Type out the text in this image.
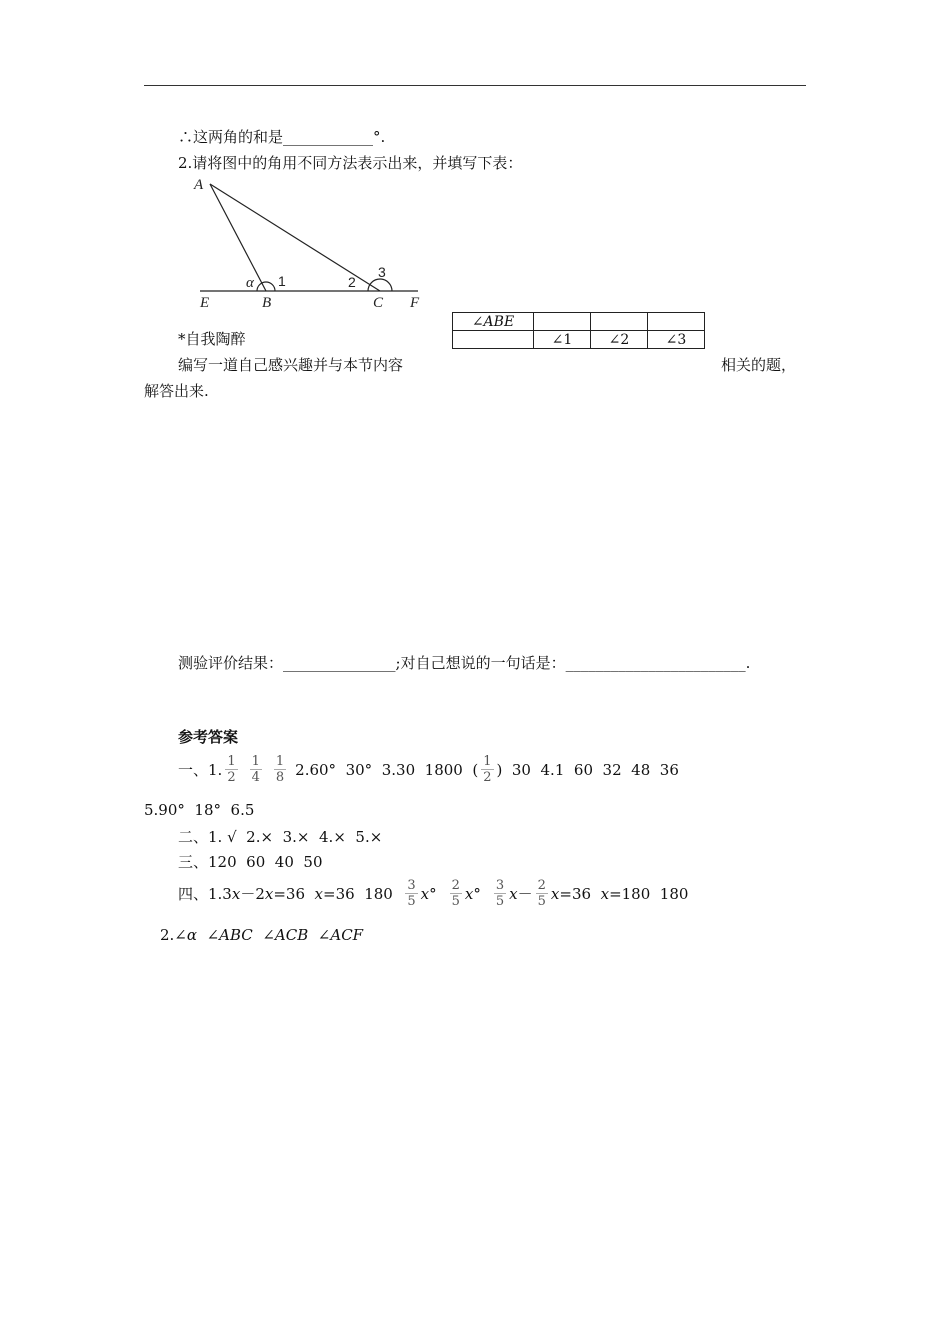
∴这两角的和是____________°.
2.请将图中的角用不同方法表示出来，并填写下表：
A
E	B	C F
α 1	2
3
∠ABE			
	∠1	∠2	∠3
*自我陶醉
编写一道自己感兴趣并与本节内容	相关的题，
解答出来.
测验评价结果：_______________;对自己想说的一句话是：________________________.
参考答案
一、1. $\frac{1}{2} \frac{1}{4} \frac{1}{8} 2.60^\circ$  30°  3.30  1800  ( $\frac{1}{2}$ )  30  4.1  60  32  48  36
5.90°  18°  6.5
二、1. √  2.×  3.×  4.×  5.×
三、120  60  40  50
四、1.3 x －2 x =36 x =36  $180 \frac{3}{5}$ x ° $\frac{2}{5}$ x ° $\frac{3}{5}$ $x - \frac{2}{5}$ x =36 x =180  180
2.∠α ∠ABC ∠ACB ∠ACF
